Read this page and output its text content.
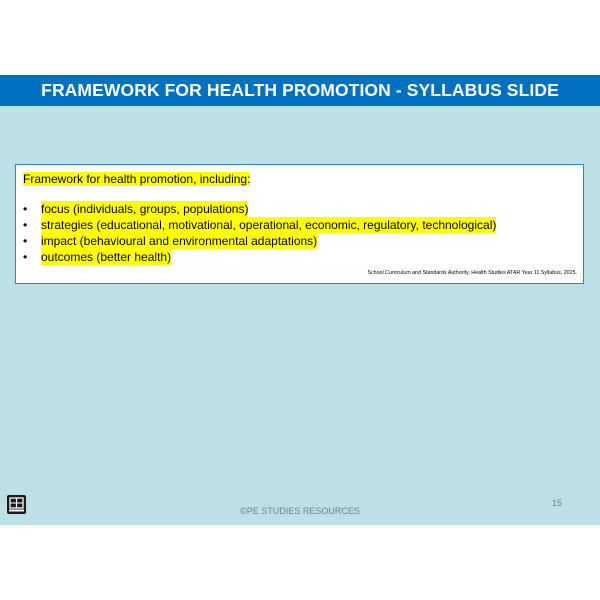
FRAMEWORK FOR HEALTH PROMOTION - SYLLABUS SLIDE
Framework for health promotion, including:
•	focus (individuals, groups, populations)
•	strategies (educational, motivational, operational, economic, regulatory, technological)
•	impact (behavioural and environmental adaptations)
•	outcomes (better health)
School Curriculum and Standards Authority. Health Studies ATAR Year 11 Syllabus, 2025.
©PE STUDIES RESOURCES
15
